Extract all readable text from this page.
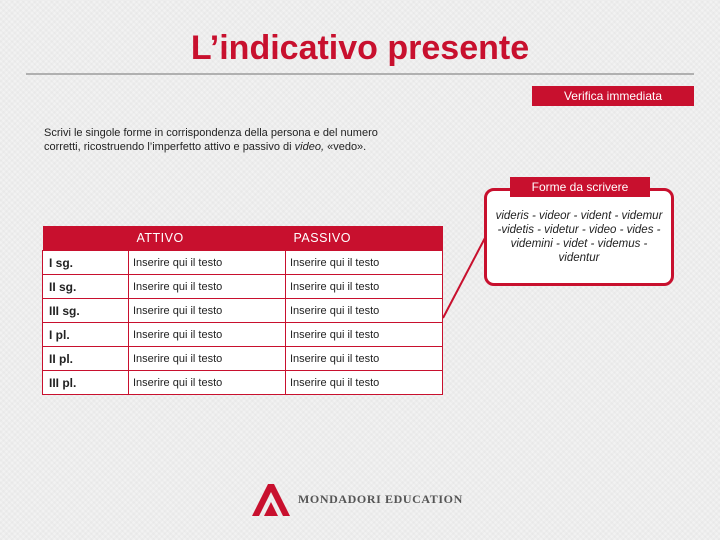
L’indicativo presente
Verifica immediata

Scrivi le singole forme in corrispondenza della persona e del numero
corretti, ricostruendo l’imperfetto attivo e passivo di video, «vedo».

videris - videor - vident - videmur -videtis - videtur - video - vides - videmini - videt - videmus - videntur
Forme da scrivere
	ATTIVO	PASSIVO
I sg.	Inserire qui il testo	Inserire qui il testo
II sg.	Inserire qui il testo	Inserire qui il testo
III sg.	Inserire qui il testo	Inserire qui il testo
I pl.	Inserire qui il testo	Inserire qui il testo
II pl.	Inserire qui il testo	Inserire qui il testo
III pl.	Inserire qui il testo	Inserire qui il testo
MONDADORI EDUCATION
